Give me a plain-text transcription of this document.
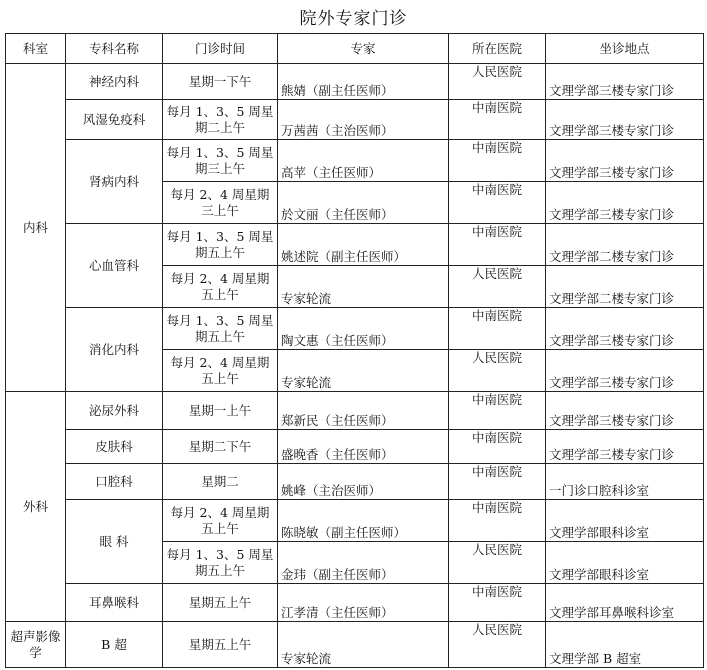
院外专家门诊
科室	专科名称	门诊时间	专家	所在医院	坐诊地点
内科	神经内科	星期一下午	熊婧（副主任医师）	人民医院	文理学部三楼专家门诊
	风湿免疫科	每月 1、3、5 周星期二上午	万茜茜（主治医师）	中南医院	文理学部三楼专家门诊
	肾病内科	每月 1、3、5 周星期三上午	高苹（主任医师）	中南医院	文理学部三楼专家门诊
		每月 2、4 周星期三上午	於文丽（主任医师）	中南医院	文理学部三楼专家门诊
	心血管科	每月 1、3、5 周星期五上午	姚述院（副主任医师）	中南医院	文理学部二楼专家门诊
		每月 2、4 周星期五上午	专家轮流	人民医院	文理学部二楼专家门诊
	消化内科	每月 1、3、5 周星期五上午	陶文惠（主任医师）	中南医院	文理学部三楼专家门诊
		每月 2、4 周星期五上午	专家轮流	人民医院	文理学部三楼专家门诊
外科	泌尿外科	星期一上午	郑新民（主任医师）	中南医院	文理学部三楼专家门诊
	皮肤科	星期二下午	盛晚香（主任医师）	中南医院	文理学部三楼专家门诊
	口腔科	星期二	姚峰（主治医师）	中南医院	一门诊口腔科诊室
	眼 科	每月 2、4 周星期五上午	陈晓敏（副主任医师）	中南医院	文理学部眼科诊室
		每月 1、3、5 周星期五上午	金玮（副主任医师）	人民医院	文理学部眼科诊室
	耳鼻喉科	星期五上午	江孝清（主任医师）	中南医院	文理学部耳鼻喉科诊室
超声影像学	B 超	星期五上午	专家轮流	人民医院	文理学部 B 超室
